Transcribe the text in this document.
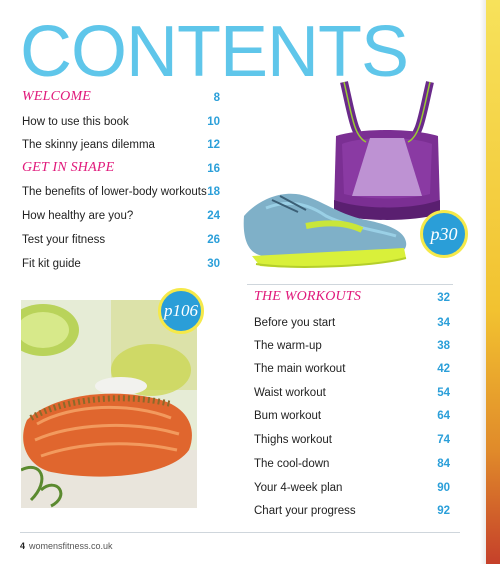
CONTENTS
WELCOME	8
How to use this book	10
The skinny jeans dilemma	12
GET IN SHAPE	16
The benefits of lower-body workouts 18
How healthy are you?	24
Test your fitness	26
Fit kit guide	30
p30
p106
THE WORKOUTS	32
Before you start	34
The warm-up	38
The main workout	42
Waist workout	54
Bum workout	64
Thighs workout	74
The cool-down	84
Your 4-week plan	90
Chart your progress	92
4 womensfitness.co.uk
